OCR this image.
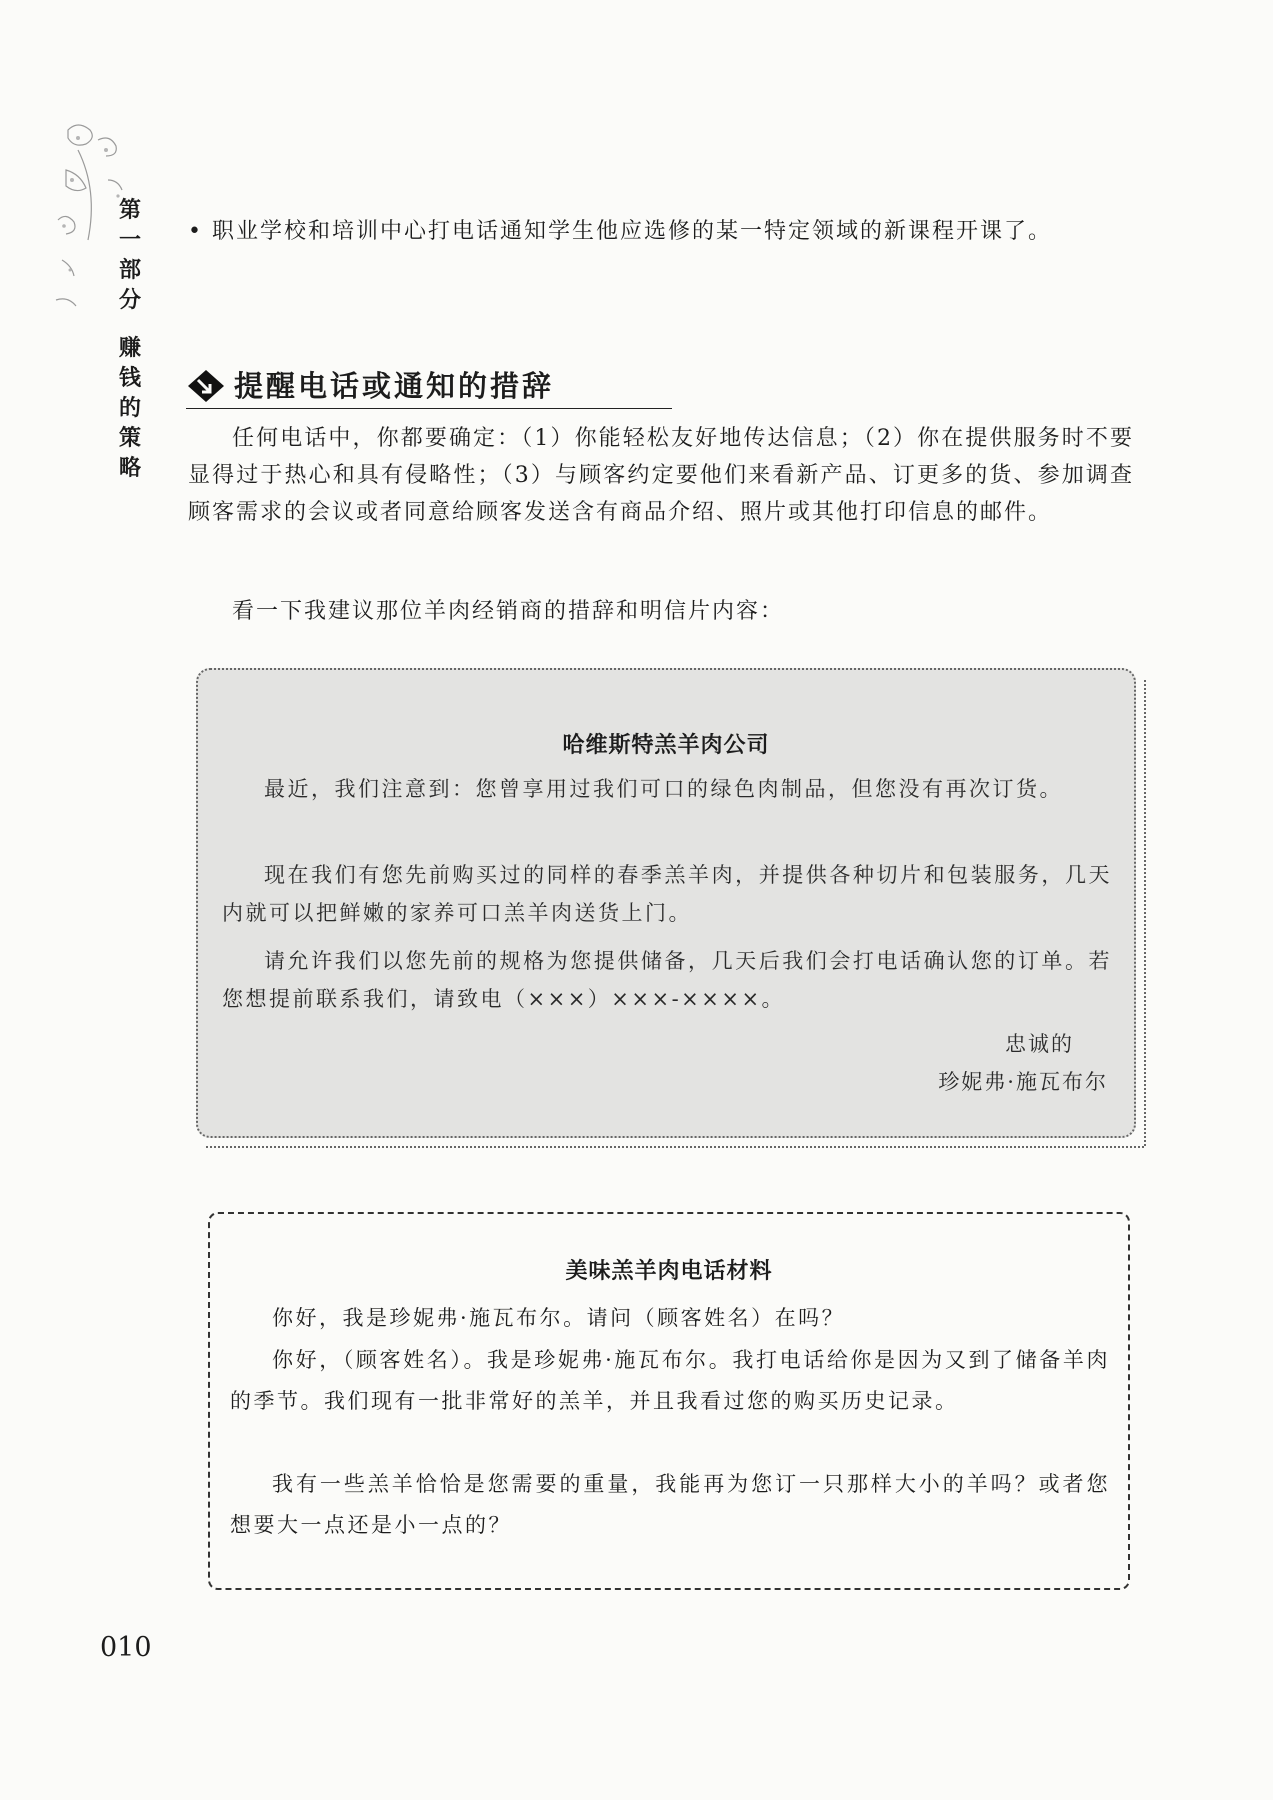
第
一
部
分
赚
钱
的
策
略

• 职业学校和培训中心打电话通知学生他应选修的某一特定领域的新课程开课了。

提醒电话或通知的措辞

任何电话中，你都要确定：（1）你能轻松友好地传达信息；（2）你在提供服务时不要显得过于热心和具有侵略性；（3）与顾客约定要他们来看新产品、订更多的货、参加调查顾客需求的会议或者同意给顾客发送含有商品介绍、照片或其他打印信息的邮件。

看一下我建议那位羊肉经销商的措辞和明信片内容：

哈维斯特羔羊肉公司

最近，我们注意到：您曾享用过我们可口的绿色肉制品，但您没有再次订货。

现在我们有您先前购买过的同样的春季羔羊肉，并提供各种切片和包装服务，几天内就可以把鲜嫩的家养可口羔羊肉送货上门。

请允许我们以您先前的规格为您提供储备，几天后我们会打电话确认您的订单。若您想提前联系我们，请致电（×××）×××-××××。

忠诚的
珍妮弗·施瓦布尔
美味羔羊肉电话材料

你好，我是珍妮弗·施瓦布尔。请问（顾客姓名）在吗？

你好，（顾客姓名）。我是珍妮弗·施瓦布尔。我打电话给你是因为又到了储备羊肉的季节。我们现有一批非常好的羔羊，并且我看过您的购买历史记录。

我有一些羔羊恰恰是您需要的重量，我能再为您订一只那样大小的羊吗？或者您想要大一点还是小一点的？

010
